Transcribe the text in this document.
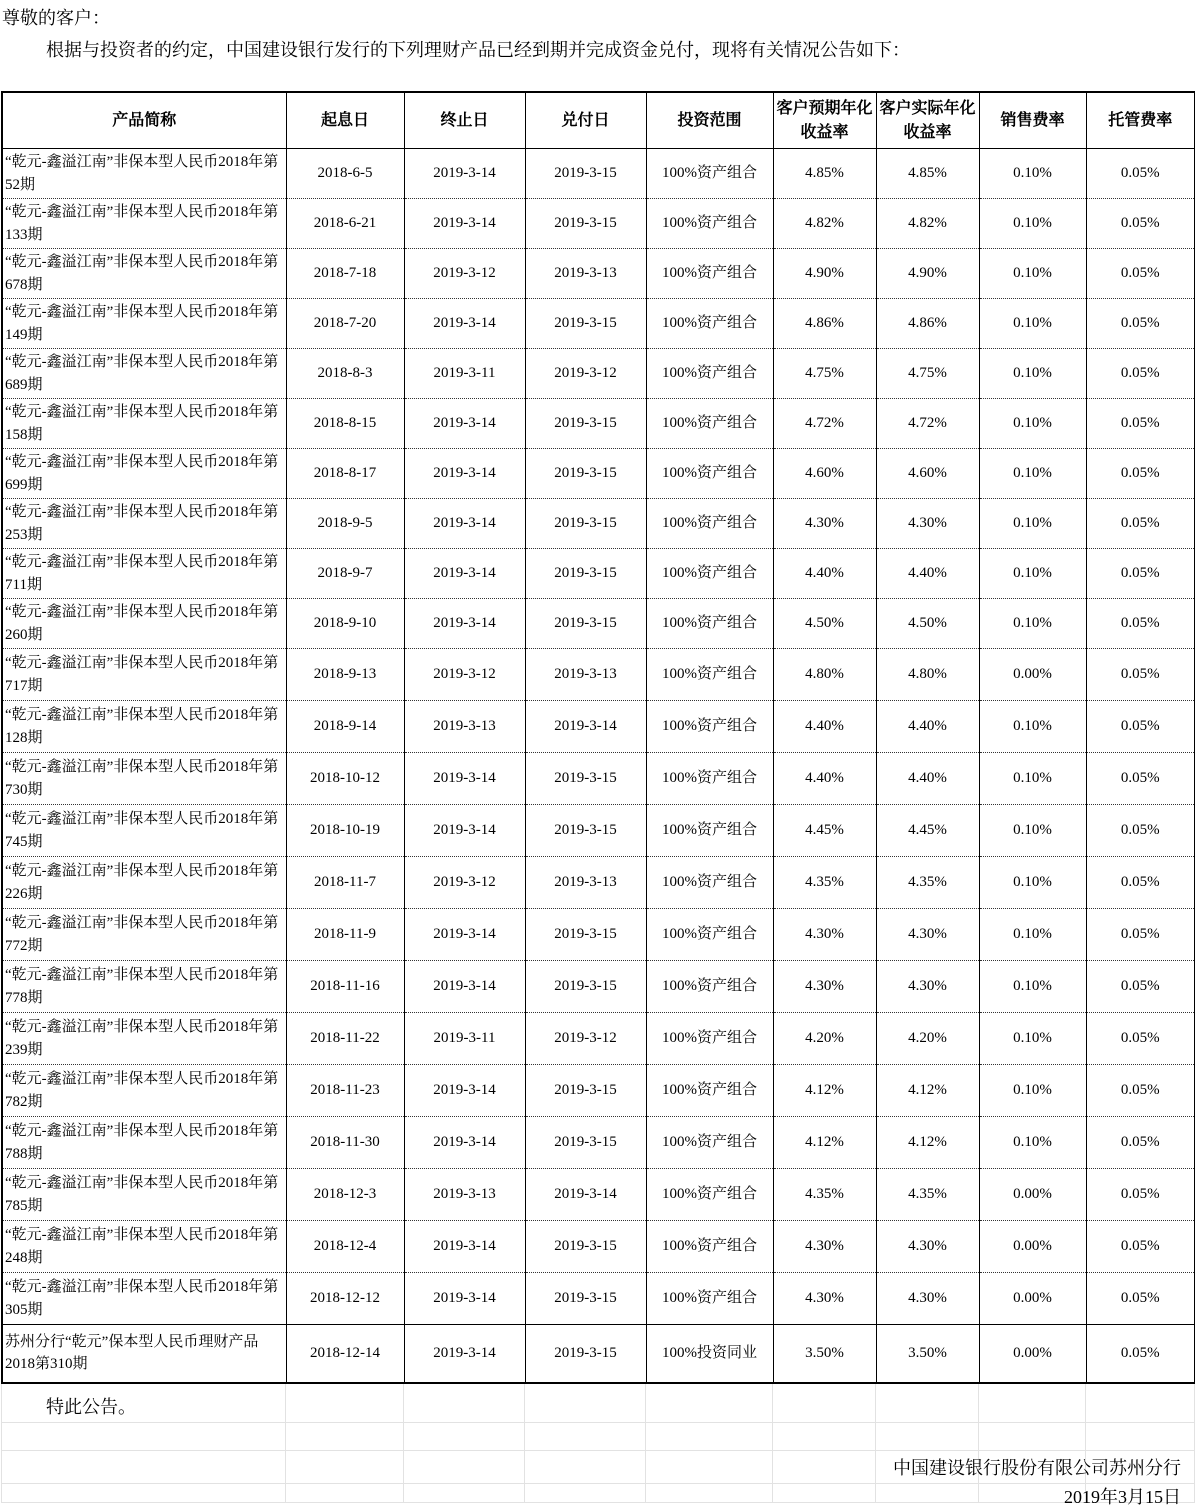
尊敬的客户：

根据与投资者的约定，中国建设银行发行的下列理财产品已经到期并完成资金兑付，现将有关情况公告如下：

产品简称	起息日	终止日	兑付日	投资范围	客户预期年化收益率	客户实际年化收益率	销售费率	托管费率
“乾元-鑫溢江南”非保本型人民币2018年第52期	2018-6-5	2019-3-14	2019-3-15	100%资产组合	4.85%	4.85%	0.10%	0.05%
“乾元-鑫溢江南”非保本型人民币2018年第133期	2018-6-21	2019-3-14	2019-3-15	100%资产组合	4.82%	4.82%	0.10%	0.05%
“乾元-鑫溢江南”非保本型人民币2018年第678期	2018-7-18	2019-3-12	2019-3-13	100%资产组合	4.90%	4.90%	0.10%	0.05%
“乾元-鑫溢江南”非保本型人民币2018年第149期	2018-7-20	2019-3-14	2019-3-15	100%资产组合	4.86%	4.86%	0.10%	0.05%
“乾元-鑫溢江南”非保本型人民币2018年第689期	2018-8-3	2019-3-11	2019-3-12	100%资产组合	4.75%	4.75%	0.10%	0.05%
“乾元-鑫溢江南”非保本型人民币2018年第158期	2018-8-15	2019-3-14	2019-3-15	100%资产组合	4.72%	4.72%	0.10%	0.05%
“乾元-鑫溢江南”非保本型人民币2018年第699期	2018-8-17	2019-3-14	2019-3-15	100%资产组合	4.60%	4.60%	0.10%	0.05%
“乾元-鑫溢江南”非保本型人民币2018年第253期	2018-9-5	2019-3-14	2019-3-15	100%资产组合	4.30%	4.30%	0.10%	0.05%
“乾元-鑫溢江南”非保本型人民币2018年第711期	2018-9-7	2019-3-14	2019-3-15	100%资产组合	4.40%	4.40%	0.10%	0.05%
“乾元-鑫溢江南”非保本型人民币2018年第260期	2018-9-10	2019-3-14	2019-3-15	100%资产组合	4.50%	4.50%	0.10%	0.05%
“乾元-鑫溢江南”非保本型人民币2018年第717期	2018-9-13	2019-3-12	2019-3-13	100%资产组合	4.80%	4.80%	0.00%	0.05%
“乾元-鑫溢江南”非保本型人民币2018年第128期	2018-9-14	2019-3-13	2019-3-14	100%资产组合	4.40%	4.40%	0.10%	0.05%
“乾元-鑫溢江南”非保本型人民币2018年第730期	2018-10-12	2019-3-14	2019-3-15	100%资产组合	4.40%	4.40%	0.10%	0.05%
“乾元-鑫溢江南”非保本型人民币2018年第745期	2018-10-19	2019-3-14	2019-3-15	100%资产组合	4.45%	4.45%	0.10%	0.05%
“乾元-鑫溢江南”非保本型人民币2018年第226期	2018-11-7	2019-3-12	2019-3-13	100%资产组合	4.35%	4.35%	0.10%	0.05%
“乾元-鑫溢江南”非保本型人民币2018年第772期	2018-11-9	2019-3-14	2019-3-15	100%资产组合	4.30%	4.30%	0.10%	0.05%
“乾元-鑫溢江南”非保本型人民币2018年第778期	2018-11-16	2019-3-14	2019-3-15	100%资产组合	4.30%	4.30%	0.10%	0.05%
“乾元-鑫溢江南”非保本型人民币2018年第239期	2018-11-22	2019-3-11	2019-3-12	100%资产组合	4.20%	4.20%	0.10%	0.05%
“乾元-鑫溢江南”非保本型人民币2018年第782期	2018-11-23	2019-3-14	2019-3-15	100%资产组合	4.12%	4.12%	0.10%	0.05%
“乾元-鑫溢江南”非保本型人民币2018年第788期	2018-11-30	2019-3-14	2019-3-15	100%资产组合	4.12%	4.12%	0.10%	0.05%
“乾元-鑫溢江南”非保本型人民币2018年第785期	2018-12-3	2019-3-13	2019-3-14	100%资产组合	4.35%	4.35%	0.00%	0.05%
“乾元-鑫溢江南”非保本型人民币2018年第248期	2018-12-4	2019-3-14	2019-3-15	100%资产组合	4.30%	4.30%	0.00%	0.05%
“乾元-鑫溢江南”非保本型人民币2018年第305期	2018-12-12	2019-3-14	2019-3-15	100%资产组合	4.30%	4.30%	0.00%	0.05%
苏州分行“乾元”保本型人民币理财产品2018第310期	2018-12-14	2019-3-14	2019-3-15	100%投资同业	3.50%	3.50%	0.00%	0.05%

特此公告。
中国建设银行股份有限公司苏州分行
2019年3月15日
